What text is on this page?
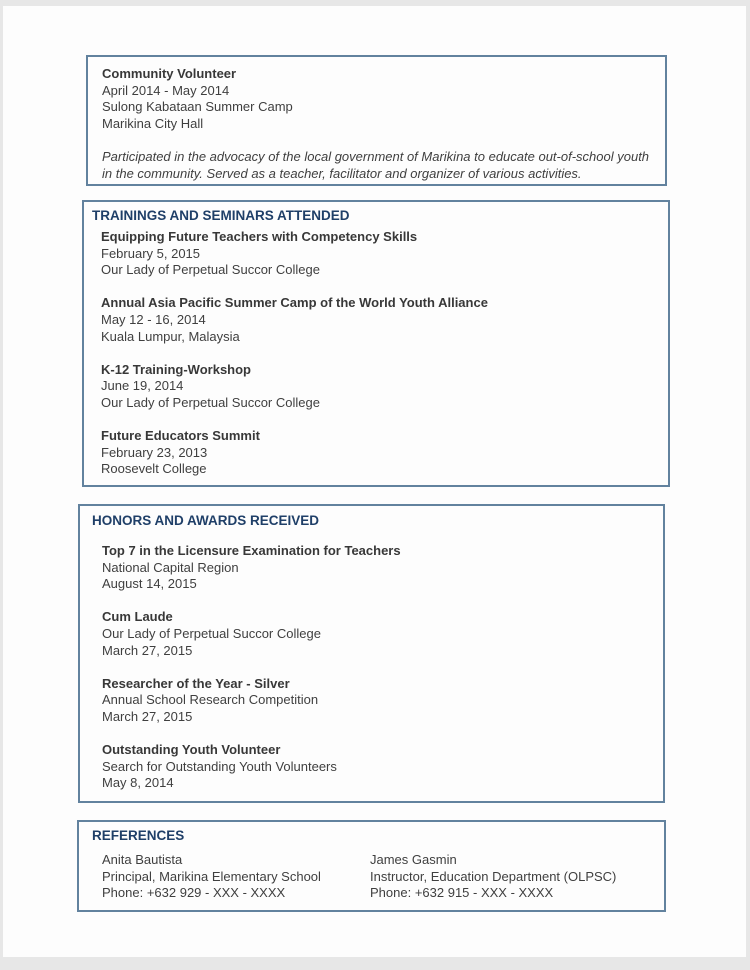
Community Volunteer
April 2014 - May 2014
Sulong Kabataan Summer Camp
Marikina City Hall
Participated in the advocacy of the local government of Marikina to educate out-of-school youth
in the community. Served as a teacher, facilitator and organizer of various activities.
TRAININGS AND SEMINARS ATTENDED
Equipping Future Teachers with Competency Skills
February 5, 2015
Our Lady of Perpetual Succor College
Annual Asia Pacific Summer Camp of the World Youth Alliance
May 12 - 16, 2014
Kuala Lumpur, Malaysia
K-12 Training-Workshop
June 19, 2014
Our Lady of Perpetual Succor College
Future Educators Summit
February 23, 2013
Roosevelt College
HONORS AND AWARDS RECEIVED
Top 7 in the Licensure Examination for Teachers
National Capital Region
August 14, 2015
Cum Laude
Our Lady of Perpetual Succor College
March 27, 2015
Researcher of the Year - Silver
Annual School Research Competition
March 27, 2015
Outstanding Youth Volunteer
Search for Outstanding Youth Volunteers
May 8, 2014
REFERENCES
Anita Bautista
Principal, Marikina Elementary School
Phone: +632 929 - XXX - XXXX
James Gasmin
Instructor, Education Department (OLPSC)
Phone: +632 915 - XXX - XXXX
